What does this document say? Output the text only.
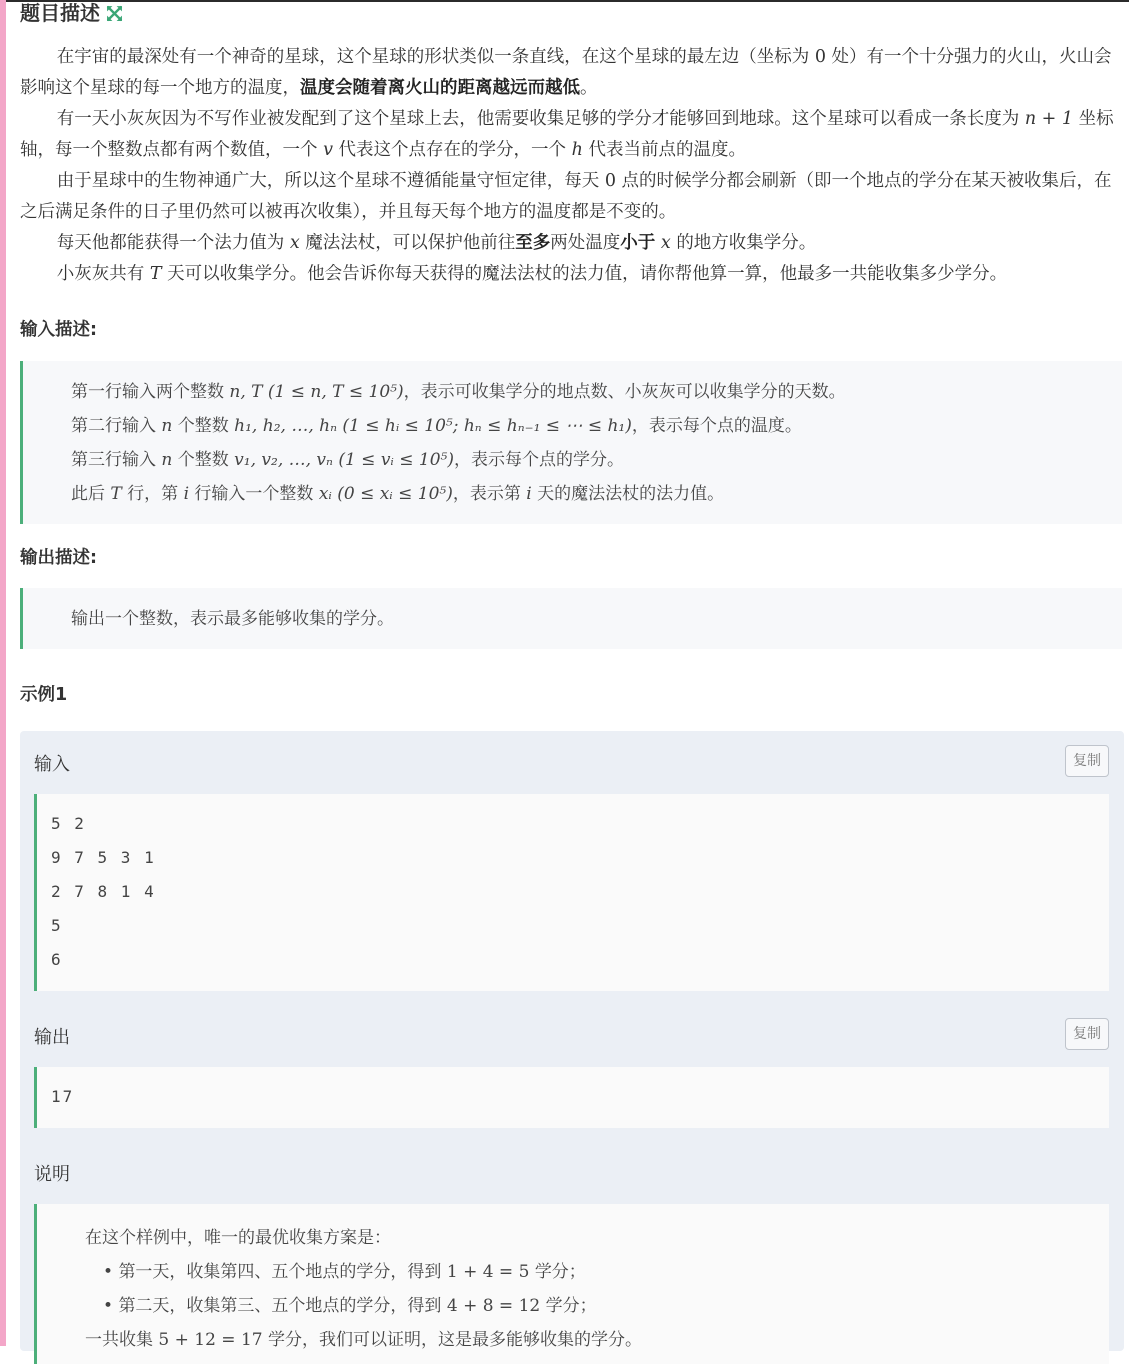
题目描述

在宇宙的最深处有一个神奇的星球，这个星球的形状类似一条直线，在这个星球的最左边（坐标为 0 处）有一个十分强力的火山，火山会影响这个星球的每一个地方的温度，温度会随着离火山的距离越远而越低。

有一天小灰灰因为不写作业被发配到了这个星球上去，他需要收集足够的学分才能够回到地球。这个星球可以看成一条长度为 n + 1 坐标轴，每一个整数点都有两个数值，一个 v 代表这个点存在的学分，一个 h 代表当前点的温度。

由于星球中的生物神通广大，所以这个星球不遵循能量守恒定律，每天 0 点的时候学分都会刷新（即一个地点的学分在某天被收集后，在之后满足条件的日子里仍然可以被再次收集），并且每天每个地方的温度都是不变的。

每天他都能获得一个法力值为 x 魔法法杖，可以保护他前往至多两处温度小于 x 的地方收集学分。

小灰灰共有 T 天可以收集学分。他会告诉你每天获得的魔法法杖的法力值，请你帮他算一算，他最多一共能收集多少学分。

输入描述:
第一行输入两个整数 n, T (1 ≤ n, T ≤ 10⁵)，表示可收集学分的地点数、小灰灰可以收集学分的天数。
第二行输入 n 个整数 h₁, h₂, …, hₙ (1 ≤ hᵢ ≤ 10⁵; hₙ ≤ hₙ₋₁ ≤ ⋯ ≤ h₁)，表示每个点的温度。
第三行输入 n 个整数 v₁, v₂, …, vₙ (1 ≤ vᵢ ≤ 10⁵)，表示每个点的学分。
此后 T 行，第 i 行输入一个整数 xᵢ (0 ≤ xᵢ ≤ 10⁵)，表示第 i 天的魔法法杖的法力值。
输出描述:
输出一个整数，表示最多能够收集的学分。
示例1
输入	复制
5 2
9 7 5 3 1
2 7 8 1 4
5
6
输出	复制
17
说明
在这个样例中，唯一的最优收集方案是：
• 第一天，收集第四、五个地点的学分，得到 1 + 4 = 5 学分；
• 第二天，收集第三、五个地点的学分，得到 4 + 8 = 12 学分；
一共收集 5 + 12 = 17 学分，我们可以证明，这是最多能够收集的学分。
